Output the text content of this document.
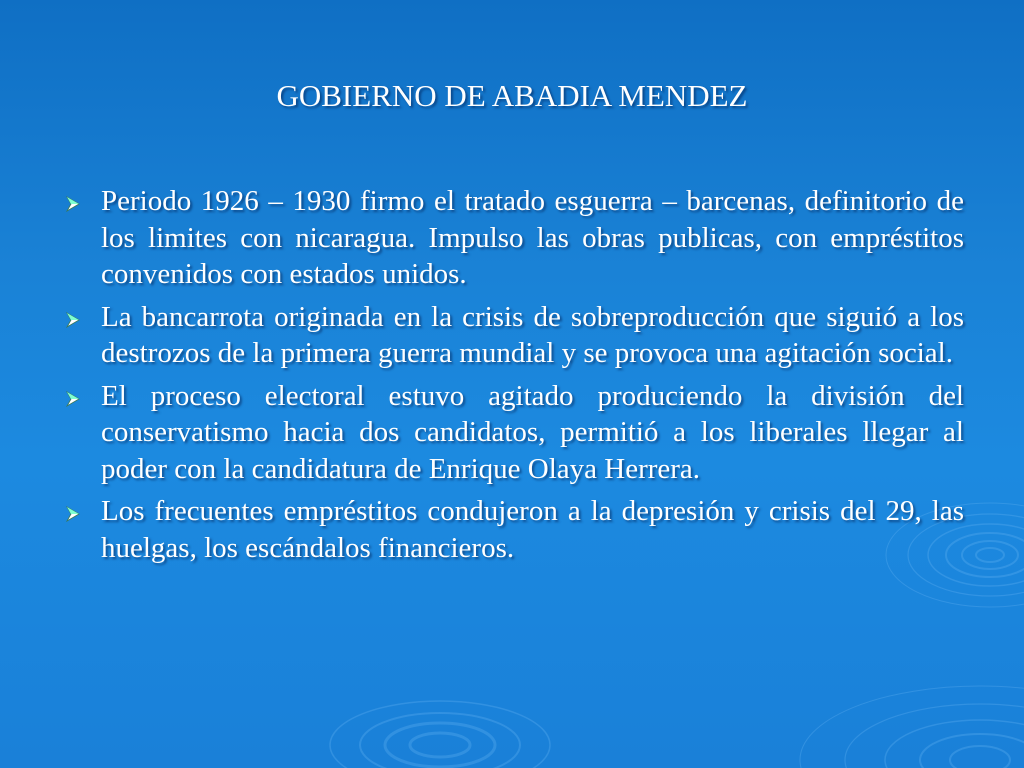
GOBIERNO DE ABADIA MENDEZ
Periodo 1926 – 1930 firmo el tratado esguerra – barcenas, definitorio de los limites con nicaragua. Impulso las obras publicas, con empréstitos convenidos con estados unidos.
La bancarrota originada en la crisis de sobreproducción que siguió a los destrozos de la primera guerra mundial y se provoca una agitación social.
El proceso electoral estuvo agitado produciendo la división del conservatismo hacia dos candidatos, permitió a los liberales llegar al poder con la candidatura de Enrique Olaya Herrera.
Los frecuentes empréstitos condujeron a la depresión y crisis del 29, las huelgas, los escándalos financieros.
